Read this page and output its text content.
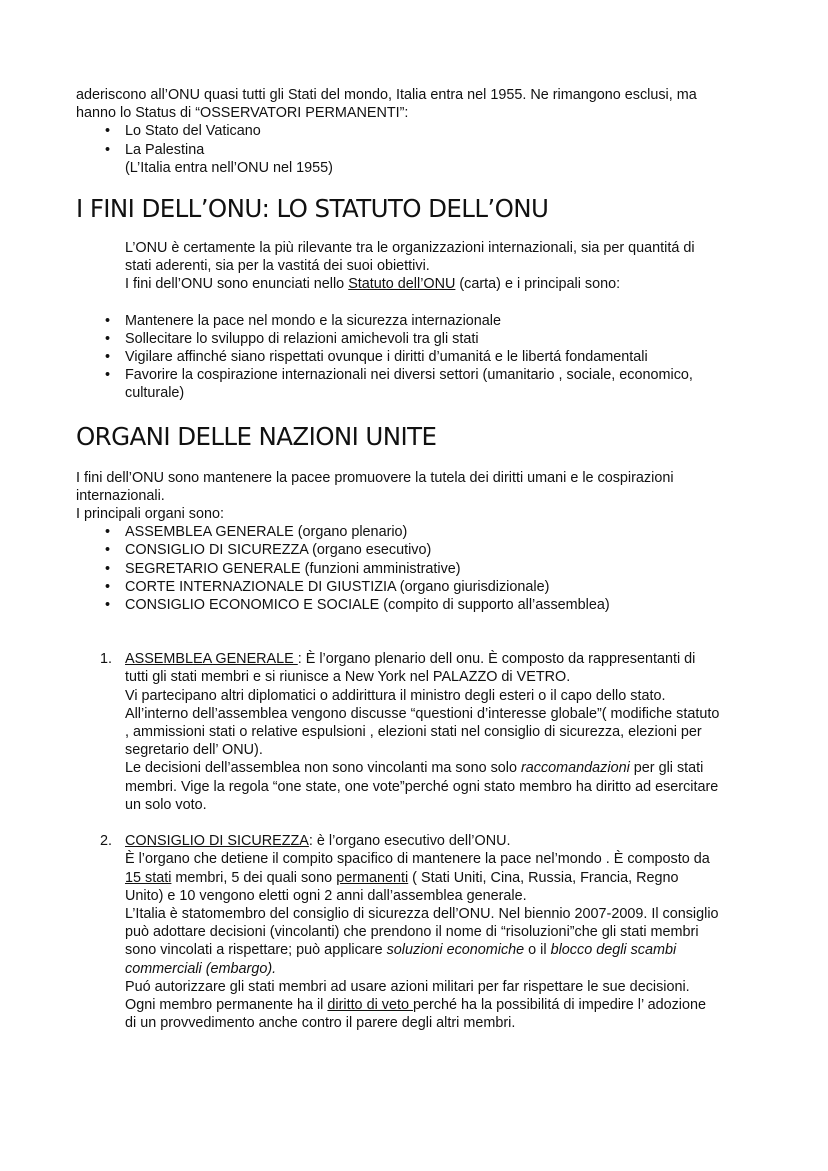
aderiscono all’ONU quasi tutti gli Stati del mondo, Italia entra nel 1955. Ne rimangono esclusi, ma

hanno lo Status di “OSSERVATORI PERMANENTI”:

• Lo Stato del Vaticano
• La Palestina

(L’Italia entra nell’ONU nel 1955)

I FINI DELL’ONU: LO STATUTO DELL’ONU

L’ONU è certamente la più rilevante tra le organizzazioni internazionali, sia per quantitá di

stati aderenti, sia per la vastitá dei suoi obiettivi.

I fini dell’ONU sono enunciati nello Statuto dell’ONU (carta) e i principali sono:

• Mantenere la pace nel mondo e la sicurezza internazionale
• Sollecitare lo sviluppo di relazioni amichevoli tra gli stati
• Vigilare affinché siano rispettati ovunque i diritti d’umanitá e le libertá fondamentali
• Favorire la cospirazione internazionali nei diversi settori (umanitario , sociale, economico,
culturale)
ORGANI DELLE NAZIONI UNITE

I fini dell’ONU sono mantenere la pacee promuovere la tutela dei diritti umani e le cospirazioni

internazionali.

I principali organi sono:

• ASSEMBLEA GENERALE (organo plenario)
• CONSIGLIO DI SICUREZZA (organo esecutivo)
• SEGRETARIO GENERALE (funzioni amministrative)
• CORTE INTERNAZIONALE DI GIUSTIZIA (organo giurisdizionale)
• CONSIGLIO ECONOMICO E SOCIALE (compito di supporto all’assemblea)
1. ASSEMBLEA GENERALE : È l’organo plenario dell onu. È composto da rappresentanti di

tutti gli stati membri e si riunisce a New York nel PALAZZO di VETRO.

Vi partecipano altri diplomatici o addirittura il ministro degli esteri o il capo dello stato.

All’interno dell’assemblea vengono discusse “questioni d’interesse globale”( modifiche statuto

, ammissioni stati o relative espulsioni , elezioni stati nel consiglio di sicurezza, elezioni per

segretario dell’ ONU).

Le decisioni dell’assemblea non sono vincolanti ma sono solo raccomandazioni per gli stati

membri. Vige la regola “one state, one vote”perché ogni stato membro ha diritto ad esercitare

un solo voto.

2. CONSIGLIO DI SICUREZZA: è l’organo esecutivo dell’ONU.

È l’organo che detiene il compito spacifico di mantenere la pace nel’mondo . È composto da

15 stati membri, 5 dei quali sono permanenti ( Stati Uniti, Cina, Russia, Francia, Regno

Unito) e 10 vengono eletti ogni 2 anni dall’assemblea generale.

L’Italia è statomembro del consiglio di sicurezza dell’ONU. Nel biennio 2007-2009. Il consiglio

può adottare decisioni (vincolanti) che prendono il nome di “risoluzioni”che gli stati membri

sono vincolati a rispettare; può applicare soluzioni economiche o il blocco degli scambi

commerciali (embargo).

Puó autorizzare gli stati membri ad usare azioni militari per far rispettare le sue decisioni.

Ogni membro permanente ha il diritto di veto perché ha la possibilitá di impedire l’ adozione

di un provvedimento anche contro il parere degli altri membri.
